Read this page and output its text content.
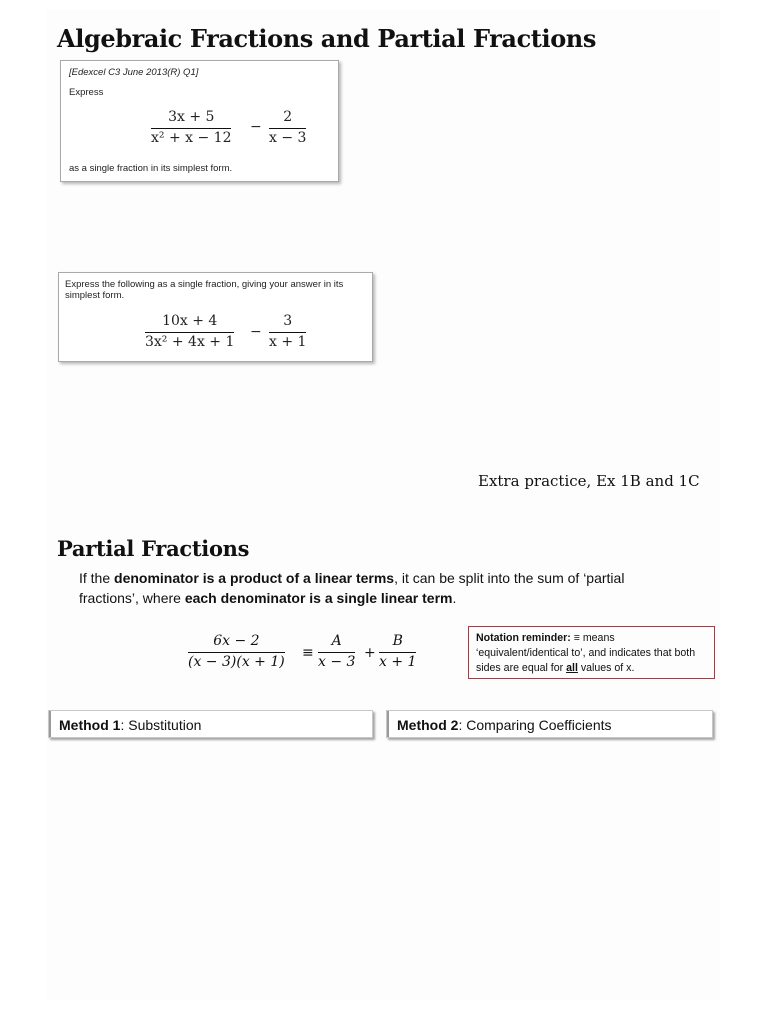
Algebraic Fractions and Partial Fractions
[Edexcel C3 June 2013(R) Q1]
Express
3x + 5
x² + x − 12
−
2
x − 3
as a single fraction in its simplest form.
Express the following as a single fraction, giving your answer in its simplest form.
10x + 4
3x² + 4x + 1
−
3
x + 1
Extra practice, Ex 1B and 1C
Partial Fractions
If the denominator is a product of a linear terms, it can be split into the sum of ‘partial fractions’, where each denominator is a single linear term.
6x − 2
(x − 3)(x + 1)
≡
A
x − 3
+
B
x + 1
Notation reminder: ≡ means ‘equivalent/identical to’, and indicates that both sides are equal for all values of x.
Method 1: Substitution	Method 2: Comparing Coefficients
